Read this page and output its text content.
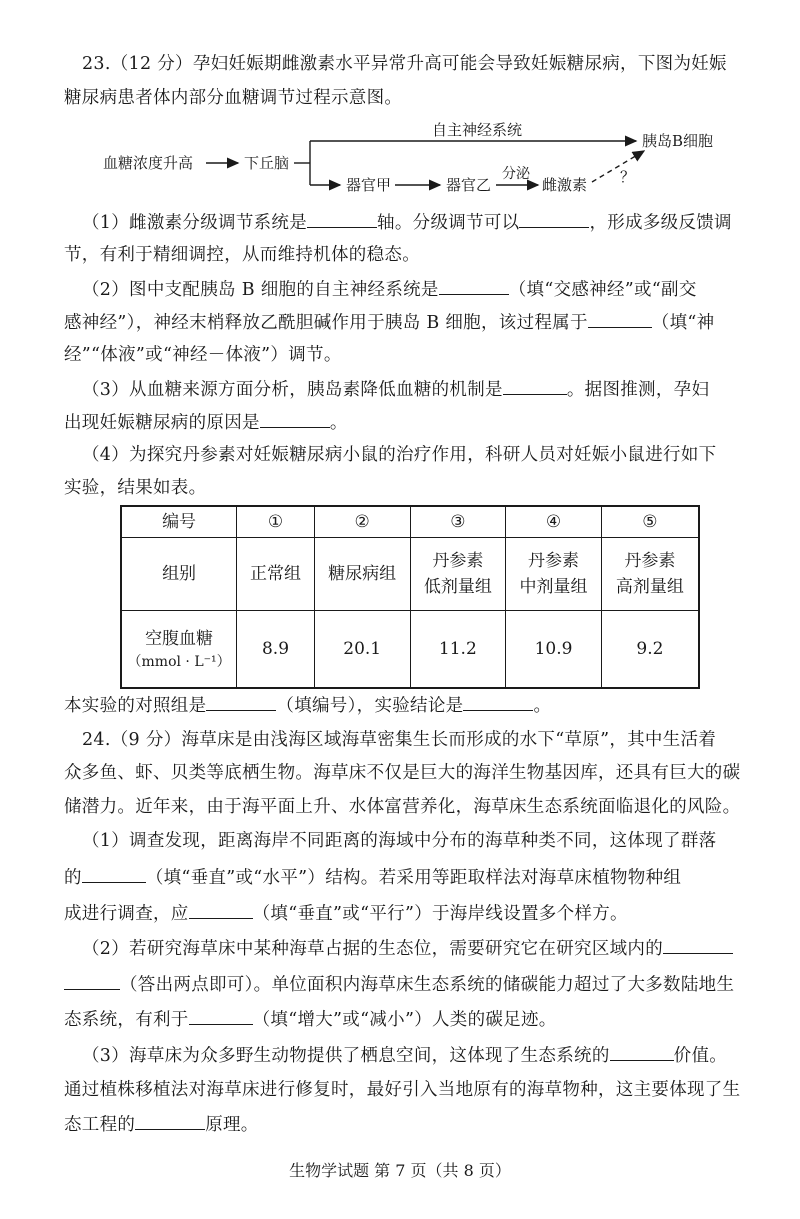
23.（12 分）孕妇妊娠期雌激素水平异常升高可能会导致妊娠糖尿病，下图为妊娠
糖尿病患者体内部分血糖调节过程示意图。
血糖浓度升高	下丘脑
自主神经系统
胰岛B细胞
器官甲	器官乙
分泌
雌激素 ？
（1）雌激素分级调节系统是	轴。分级调节可以	，形成多级反馈调
节，有利于精细调控，从而维持机体的稳态。
（2）图中支配胰岛 B 细胞的自主神经系统是	（填“交感神经”或“副交
感神经”），神经末梢释放乙酰胆碱作用于胰岛 B 细胞，该过程属于	（填“神
经”“体液”或“神经－体液”）调节。
（3）从血糖来源方面分析，胰岛素降低血糖的机制是	。据图推测，孕妇
出现妊娠糖尿病的原因是	。
（4）为探究丹参素对妊娠糖尿病小鼠的治疗作用，科研人员对妊娠小鼠进行如下
实验，结果如表。
编号	①	②	③	④	⑤
组别	正常组	糖尿病组	丹参素
低剂量组	丹参素
中剂量组	丹参素
高剂量组
空腹血糖
（mmol · L⁻¹）	8.9	20.1	11.2	10.9	9.2
本实验的对照组是	（填编号），实验结论是	。
24.（9 分）海草床是由浅海区域海草密集生长而形成的水下“草原”，其中生活着
众多鱼、虾、贝类等底栖生物。海草床不仅是巨大的海洋生物基因库，还具有巨大的碳
储潜力。近年来，由于海平面上升、水体富营养化，海草床生态系统面临退化的风险。
（1）调查发现，距离海岸不同距离的海域中分布的海草种类不同，这体现了群落
的	（填“垂直”或“水平”）结构。若采用等距取样法对海草床植物物种组
成进行调查，应	（填“垂直”或“平行”）于海岸线设置多个样方。
（2）若研究海草床中某种海草占据的生态位，需要研究它在研究区域内的
（答出两点即可）。单位面积内海草床生态系统的储碳能力超过了大多数陆地生
态系统，有利于	（填“增大”或“减小”）人类的碳足迹。
（3）海草床为众多野生动物提供了栖息空间，这体现了生态系统的	价值。
通过植株移植法对海草床进行修复时，最好引入当地原有的海草物种，这主要体现了生
态工程的	原理。
生物学试题 第 7 页（共 8 页）
